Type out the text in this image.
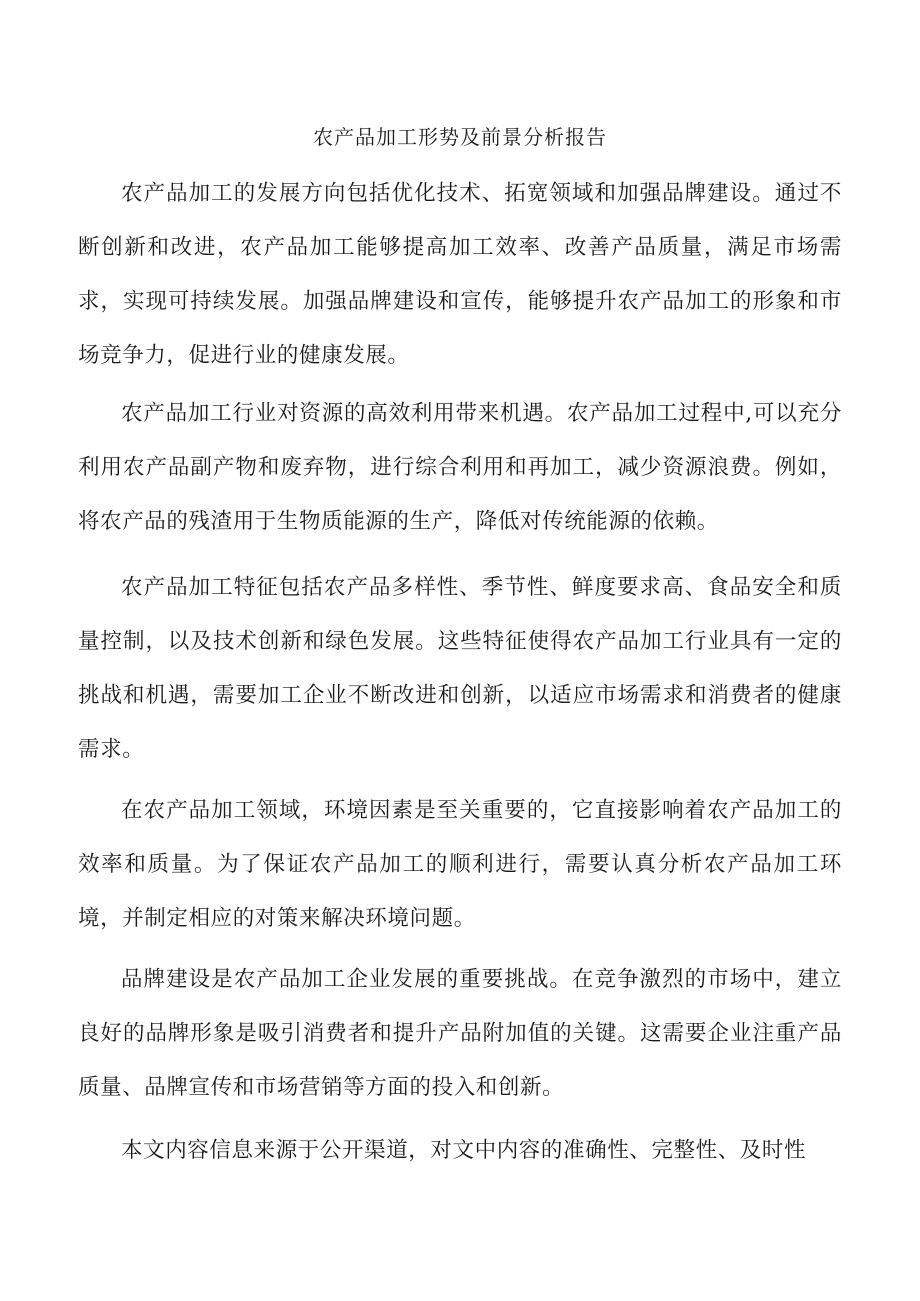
农产品加工形势及前景分析报告

农产品加工的发展方向包括优化技术、拓宽领域和加强品牌建设。通过不断创新和改进，农产品加工能够提高加工效率、改善产品质量，满足市场需求，实现可持续发展。加强品牌建设和宣传，能够提升农产品加工的形象和市场竞争力，促进行业的健康发展。

农产品加工行业对资源的高效利用带来机遇。农产品加工过程中,可以充分利用农产品副产物和废弃物，进行综合利用和再加工，减少资源浪费。例如，将农产品的残渣用于生物质能源的生产，降低对传统能源的依赖。

农产品加工特征包括农产品多样性、季节性、鲜度要求高、食品安全和质量控制，以及技术创新和绿色发展。这些特征使得农产品加工行业具有一定的挑战和机遇，需要加工企业不断改进和创新，以适应市场需求和消费者的健康需求。

在农产品加工领域，环境因素是至关重要的，它直接影响着农产品加工的效率和质量。为了保证农产品加工的顺利进行，需要认真分析农产品加工环境，并制定相应的对策来解决环境问题。

品牌建设是农产品加工企业发展的重要挑战。在竞争激烈的市场中，建立良好的品牌形象是吸引消费者和提升产品附加值的关键。这需要企业注重产品质量、品牌宣传和市场营销等方面的投入和创新。

本文内容信息来源于公开渠道，对文中内容的准确性、完整性、及时性
